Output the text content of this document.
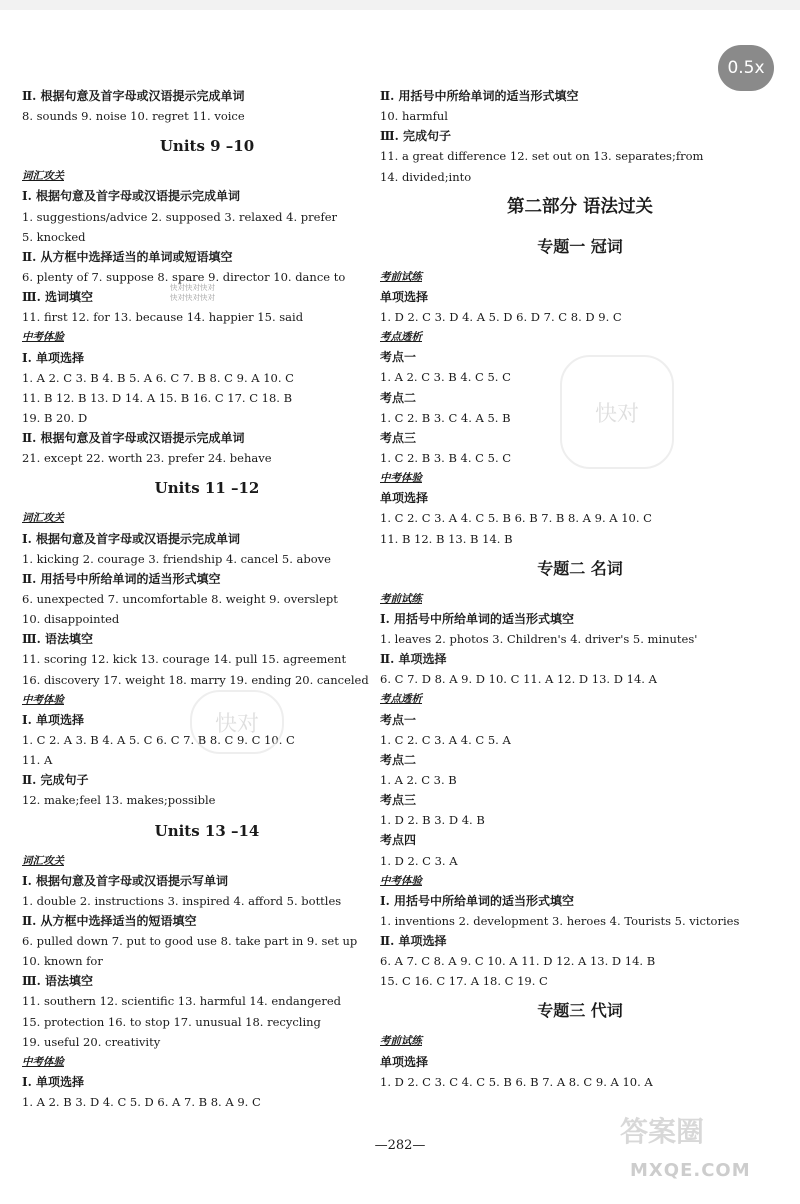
0.5x
Ⅱ. 根据句意及首字母或汉语提示完成单词
8. sounds 9. noise 10. regret 11. voice
Units 9 –10
词汇攻关
Ⅰ. 根据句意及首字母或汉语提示完成单词
1. suggestions/advice 2. supposed 3. relaxed 4. prefer
5. knocked
Ⅱ. 从方框中选择适当的单词或短语填空
6. plenty of 7. suppose 8. spare 9. director 10. dance to
Ⅲ. 选词填空
11. first 12. for 13. because 14. happier 15. said
中考体验
Ⅰ. 单项选择
1. A 2. C 3. B 4. B 5. A 6. C 7. B 8. C 9. A 10. C
11. B 12. B 13. D 14. A 15. B 16. C 17. C 18. B
19. B 20. D
Ⅱ. 根据句意及首字母或汉语提示完成单词
21. except 22. worth 23. prefer 24. behave
Units 11 –12
词汇攻关
Ⅰ. 根据句意及首字母或汉语提示完成单词
1. kicking 2. courage 3. friendship 4. cancel 5. above
Ⅱ. 用括号中所给单词的适当形式填空
6. unexpected 7. uncomfortable 8. weight 9. overslept
10. disappointed
Ⅲ. 语法填空
11. scoring 12. kick 13. courage 14. pull 15. agreement
16. discovery 17. weight 18. marry 19. ending 20. canceled
中考体验
Ⅰ. 单项选择
1. C 2. A 3. B 4. A 5. C 6. C 7. B 8. C 9. C 10. C
11. A
Ⅱ. 完成句子
12. make;feel 13. makes;possible
Units 13 –14
词汇攻关
Ⅰ. 根据句意及首字母或汉语提示写单词
1. double 2. instructions 3. inspired 4. afford 5. bottles
Ⅱ. 从方框中选择适当的短语填空
6. pulled down 7. put to good use 8. take part in 9. set up
10. known for
Ⅲ. 语法填空
11. southern 12. scientific 13. harmful 14. endangered
15. protection 16. to stop 17. unusual 18. recycling
19. useful 20. creativity
中考体验
Ⅰ. 单项选择
1. A 2. B 3. D 4. C 5. D 6. A 7. B 8. A 9. C
Ⅱ. 用括号中所给单词的适当形式填空
10. harmful
Ⅲ. 完成句子
11. a great difference 12. set out on 13. separates;from
14. divided;into
第二部分 语法过关
专题一 冠词
考前试练
单项选择
1. D 2. C 3. D 4. A 5. D 6. D 7. C 8. D 9. C
考点透析
考点一
1. A 2. C 3. B 4. C 5. C
考点二
1. C 2. B 3. C 4. A 5. B
考点三
1. C 2. B 3. B 4. C 5. C
中考体验
单项选择
1. C 2. C 3. A 4. C 5. B 6. B 7. B 8. A 9. A 10. C
11. B 12. B 13. B 14. B
专题二 名词
考前试练
Ⅰ. 用括号中所给单词的适当形式填空
1. leaves 2. photos 3. Children's 4. driver's 5. minutes'
Ⅱ. 单项选择
6. C 7. D 8. A 9. D 10. C 11. A 12. D 13. D 14. A
考点透析
考点一
1. C 2. C 3. A 4. C 5. A
考点二
1. A 2. C 3. B
考点三
1. D 2. B 3. D 4. B
考点四
1. D 2. C 3. A
中考体验
Ⅰ. 用括号中所给单词的适当形式填空
1. inventions 2. development 3. heroes 4. Tourists 5. victories
Ⅱ. 单项选择
6. A 7. C 8. A 9. C 10. A 11. D 12. A 13. D 14. B
15. C 16. C 17. A 18. C 19. C
专题三 代词
考前试练
单项选择
1. D 2. C 3. C 4. C 5. B 6. B 7. A 8. C 9. A 10. A
快对
快对
快对快对快对
快对快对快对
答案圈
MXQE.COM
—282—
